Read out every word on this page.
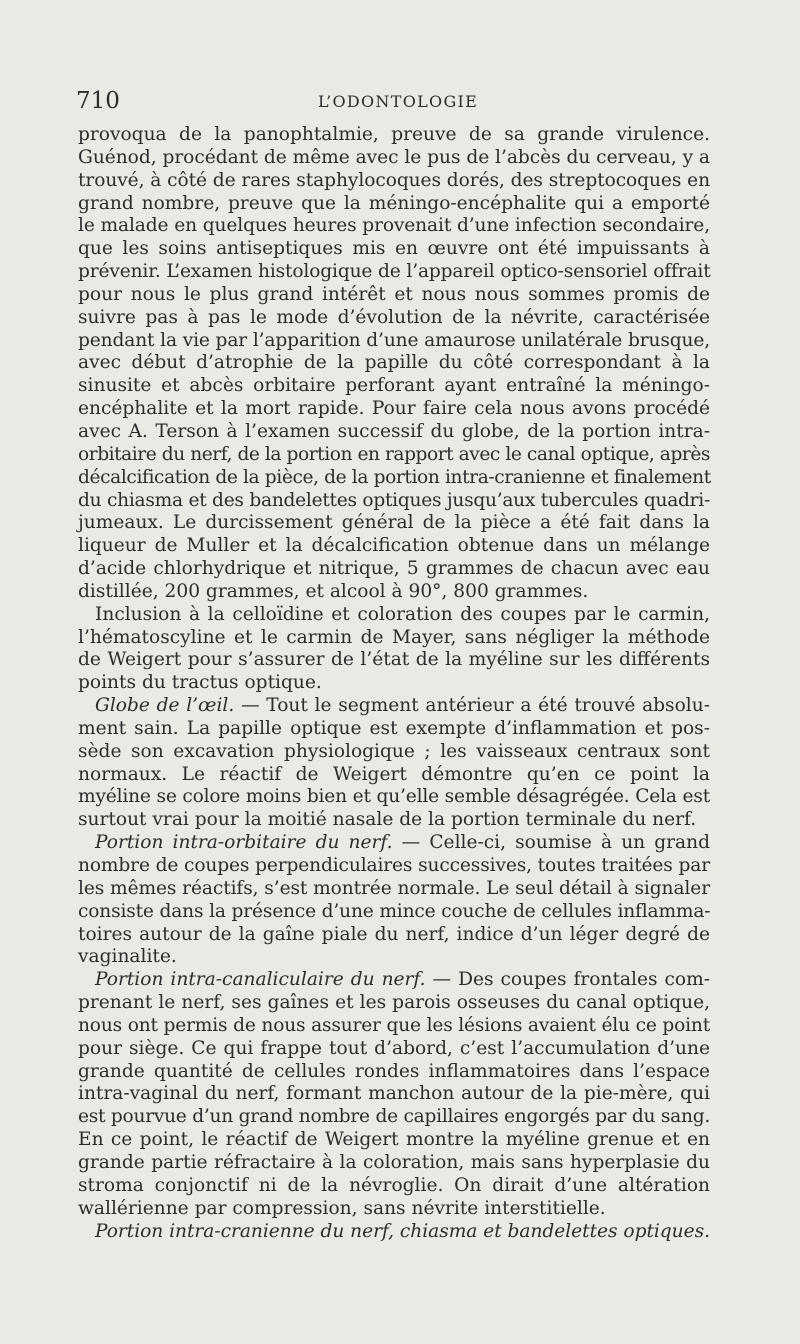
710	L’ODONTOLOGIE
provoqua de la panophtalmie, preuve de sa grande virulence.
Guénod, procédant de même avec le pus de l’abcès du cerveau, y a
trouvé, à côté de rares staphylocoques dorés, des streptocoques en
grand nombre, preuve que la méningo-encéphalite qui a emporté
le malade en quelques heures provenait d’une infection secondaire,
que les soins antiseptiques mis en œuvre ont été impuissants à
prévenir. L’examen histologique de l’appareil optico-sensoriel offrait
pour nous le plus grand intérêt et nous nous sommes promis de
suivre pas à pas le mode d’évolution de la névrite, caractérisée
pendant la vie par l’apparition d’une amaurose unilatérale brusque,
avec début d’atrophie de la papille du côté correspondant à la
sinusite et abcès orbitaire perforant ayant entraîné la méningo-
encéphalite et la mort rapide. Pour faire cela nous avons procédé
avec A. Terson à l’examen successif du globe, de la portion intra-
orbitaire du nerf, de la portion en rapport avec le canal optique, après
décalcification de la pièce, de la portion intra-cranienne et finalement
du chiasma et des bandelettes optiques jusqu’aux tubercules quadri-
jumeaux. Le durcissement général de la pièce a été fait dans la
liqueur de Muller et la décalcification obtenue dans un mélange
d’acide chlorhydrique et nitrique, 5 grammes de chacun avec eau
distillée, 200 grammes, et alcool à 90°, 800 grammes.
Inclusion à la celloïdine et coloration des coupes par le carmin,
l’hématoscyline et le carmin de Mayer, sans négliger la méthode
de Weigert pour s’assurer de l’état de la myéline sur les différents
points du tractus optique.
Globe de l’œil. — Tout le segment antérieur a été trouvé absolu-
ment sain. La papille optique est exempte d’inflammation et pos-
sède son excavation physiologique ; les vaisseaux centraux sont
normaux. Le réactif de Weigert démontre qu’en ce point la
myéline se colore moins bien et qu’elle semble désagrégée. Cela est
surtout vrai pour la moitié nasale de la portion terminale du nerf.
Portion intra-orbitaire du nerf. — Celle-ci, soumise à un grand
nombre de coupes perpendiculaires successives, toutes traitées par
les mêmes réactifs, s’est montrée normale. Le seul détail à signaler
consiste dans la présence d’une mince couche de cellules inflamma-
toires autour de la gaîne piale du nerf, indice d’un léger degré de
vaginalite.
Portion intra-canaliculaire du nerf. — Des coupes frontales com-
prenant le nerf, ses gaînes et les parois osseuses du canal optique,
nous ont permis de nous assurer que les lésions avaient élu ce point
pour siège. Ce qui frappe tout d’abord, c’est l’accumulation d’une
grande quantité de cellules rondes inflammatoires dans l’espace
intra-vaginal du nerf, formant manchon autour de la pie-mère, qui
est pourvue d’un grand nombre de capillaires engorgés par du sang.
En ce point, le réactif de Weigert montre la myéline grenue et en
grande partie réfractaire à la coloration, mais sans hyperplasie du
stroma conjonctif ni de la névroglie. On dirait d’une altération
wallérienne par compression, sans névrite interstitielle.
Portion intra-cranienne du nerf, chiasma et bandelettes optiques.
